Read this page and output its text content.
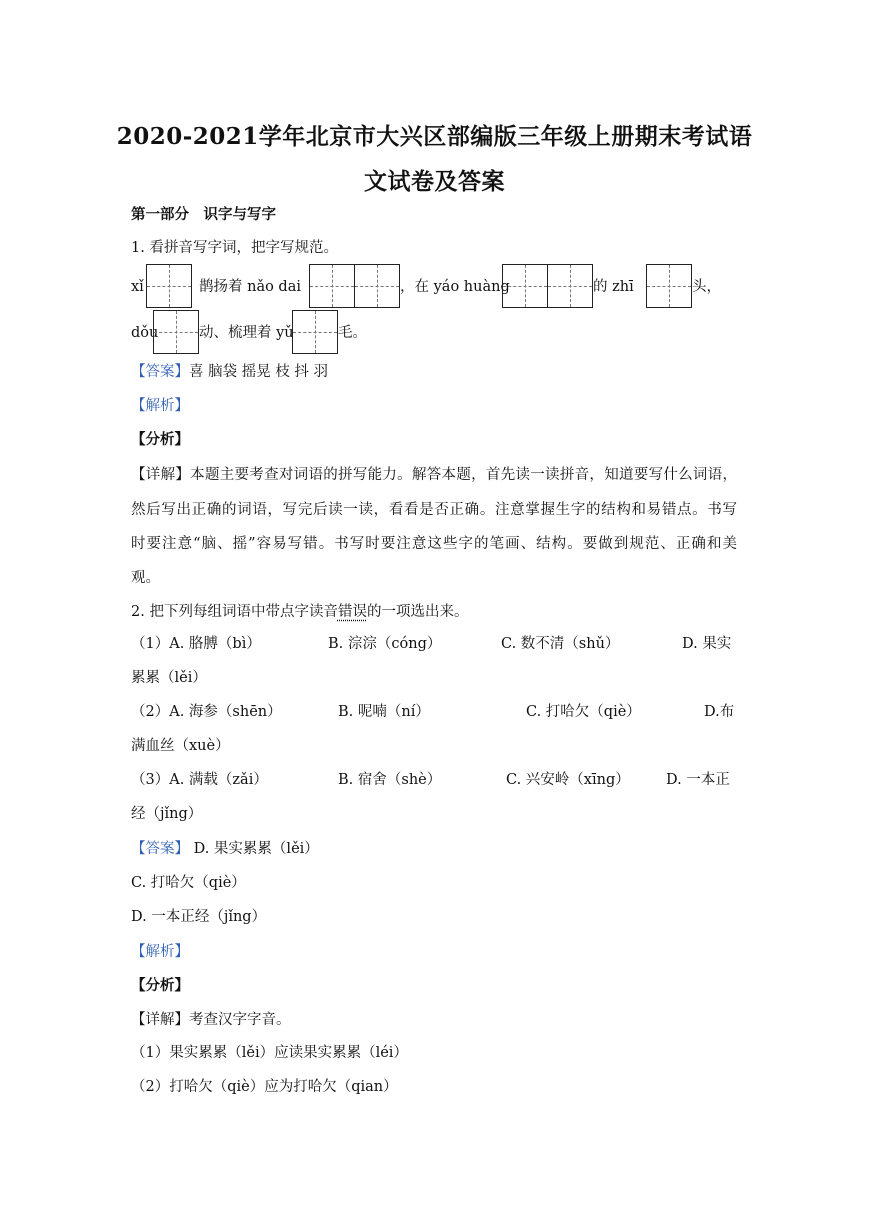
2020-2021学年北京市大兴区部编版三年级上册期末考试语
文试卷及答案
第一部分　识字与写字
1. 看拼音写字词，把字写规范。
xǐ	鹊扬着 nǎo dai	，在 yáo huàng	的 zhī	头，
dǒu	动、梳理着 yǔ	毛。
【答案】喜 脑袋 摇晃 枝 抖 羽
【解析】
【分析】
【详解】本题主要考查对词语的拼写能力。解答本题，首先读一读拼音，知道要写什么词语，
然后写出正确的词语，写完后读一读，看看是否正确。注意掌握生字的结构和易错点。书写
时要注意“脑、摇”容易写错。书写时要注意这些字的笔画、结构。要做到规范、正确和美
观。
2. 把下列每组词语中带点字读音错误的一项选出来。
（1）A. 胳膊（bì）	B. 淙淙（cóng）	C. 数不清（shǔ）	D. 果实
累累（lěi）
（2）A. 海参（shēn）	B. 呢喃（ní）	C. 打哈欠（qiè）	D.布
满血丝（xuè）
（3）A. 满载（zǎi）	B. 宿舍（shè）	C. 兴安岭（xīng）	D. 一本正
经（jǐng）
【答案】 D. 果实累累（lěi）
C. 打哈欠（qiè）
D. 一本正经（jǐng）
【解析】
【分析】
【详解】考查汉字字音。
（1）果实累累（lěi）应读果实累累（léi）
（2）打哈欠（qiè）应为打哈欠（qian）
